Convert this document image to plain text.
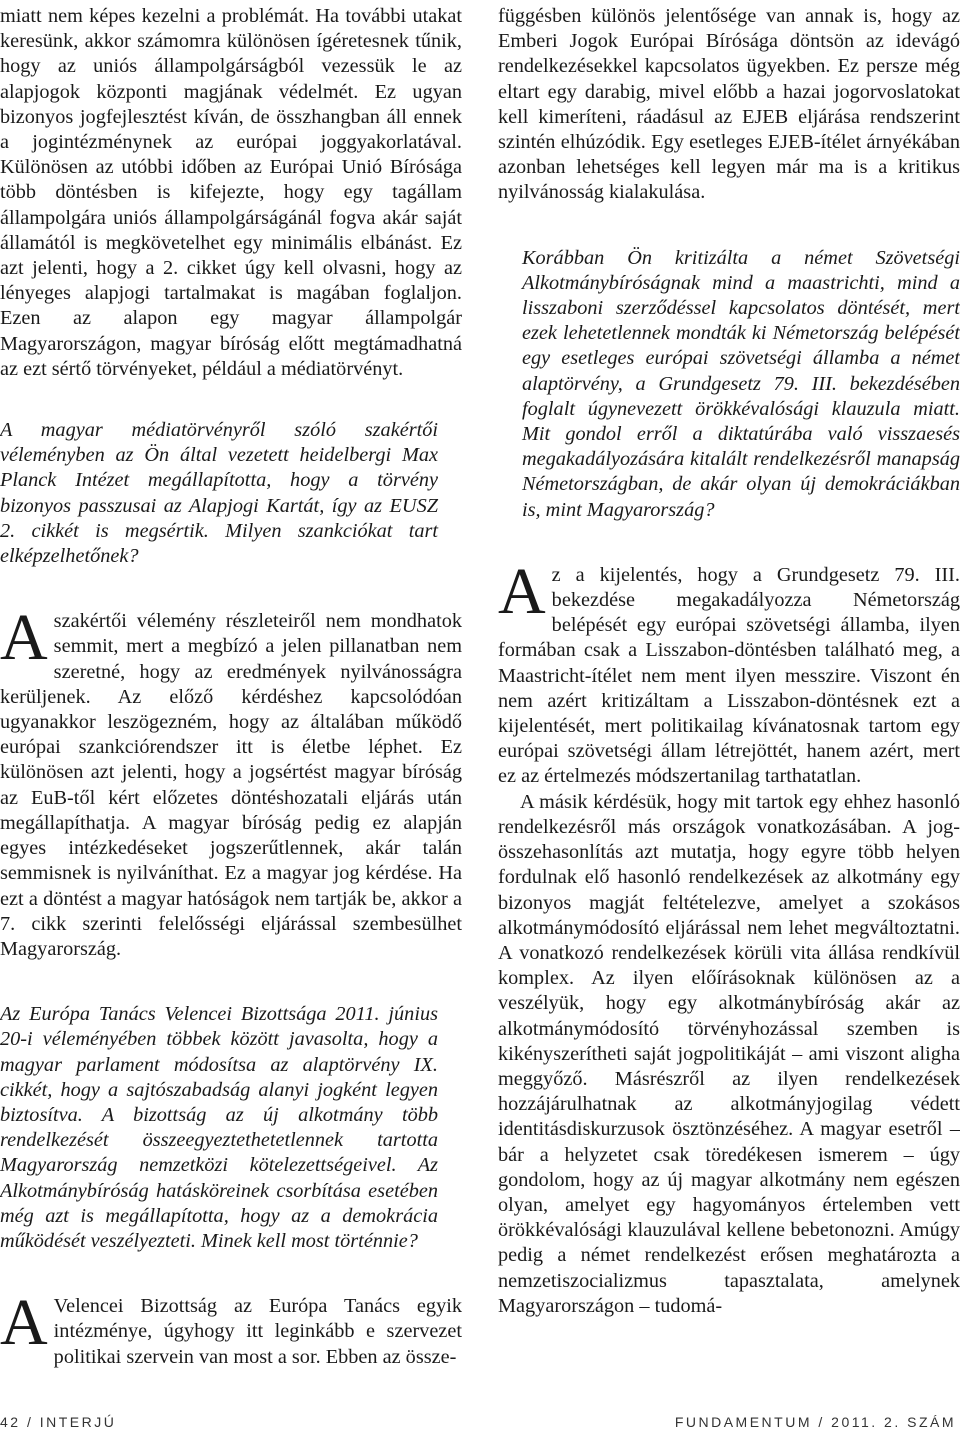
miatt nem képes kezelni a problémát. Ha további utakat keresünk, akkor számomra különösen ígéretesnek tűnik, hogy az uniós állampolgárságból vezessük le az alapjogok központi magjának védelmét. Ez ugyan bizonyos jogfejlesztést kíván, de összhangban áll ennek a jogintézménynek az európai joggyakorlatával. Különösen az utóbbi időben az Európai Unió Bírósága több döntésben is kifejezte, hogy egy tagállam állampolgára uniós állampolgárságánál fogva akár saját államától is megkövetelhet egy minimális elbánást. Ez azt jelenti, hogy a 2. cikket úgy kell olvasni, hogy az lényeges alapjogi tartalmakat is magában foglaljon. Ezen az alapon egy magyar állampolgár Magyarországon, magyar bíróság előtt megtámadhatná az ezt sértő törvényeket, például a médiatörvényt.

A magyar médiatörvényről szóló szakértői véleményben az Ön által vezetett heidelbergi Max Planck Intézet megállapította, hogy a törvény bizonyos passzusai az Alapjogi Kartát, így az EUSZ 2. cikkét is megsértik. Milyen szankciókat tart elképzelhetőnek?

Aszakértői vélemény részleteiről nem mondhatok semmit, mert a megbízó a jelen pillanatban nem szeretné, hogy az eredmények nyilvánosságra kerüljenek. Az előző kérdéshez kapcsolódóan ugyanakkor leszögezném, hogy az általában működő európai szankciórendszer itt is életbe léphet. Ez különösen azt jelenti, hogy a jogsértést magyar bíróság az EuB-től kért előzetes döntéshozatali eljárás után megállapíthatja. A magyar bíróság pedig ez alapján egyes intézkedéseket jogszerűtlennek, akár talán semmisnek is nyilváníthat. Ez a magyar jog kérdése. Ha ezt a döntést a magyar hatóságok nem tartják be, akkor a 7. cikk szerinti felelősségi eljárással szembesülhet Magyarország.

Az Európa Tanács Velencei Bizottsága 2011. június 20-i véleményében többek között javasolta, hogy a magyar parlament módosítsa az alaptörvény IX. cikkét, hogy a sajtószabadság alanyi jogként legyen biztosítva. A bizottság az új alkotmány több rendelkezését összeegyeztethetetlennek tartotta Magyarország nemzetközi kötelezettségeivel. Az Alkotmánybíróság hatásköreinek csorbítása esetében még azt is megállapította, hogy az a demokrácia működését veszélyezteti. Minek kell most történnie?

A Velencei Bizottság az Európa Tanács egyik intézménye, úgyhogy itt leginkább e szervezet politikai szervein van most a sor. Ebben az össze-

függésben különös jelentősége van annak is, hogy az Emberi Jogok Európai Bírósága döntsön az idevágó rendelkezésekkel kapcsolatos ügyekben. Ez persze még eltart egy darabig, mivel előbb a hazai jogorvoslatokat kell kimeríteni, ráadásul az EJEB eljárása rendszerint szintén elhúzódik. Egy esetleges EJEB-ítélet árnyékában azonban lehetséges kell legyen már ma is a kritikus nyilvánosság kialakulása.

Korábban Ön kritizálta a német Szövetségi Alkotmánybíróságnak mind a maastrichti, mind a lisszaboni szerződéssel kapcsolatos döntését, mert ezek lehetetlennek mondták ki Németország belépését egy esetleges európai szövetségi államba a német alaptörvény, a Grundgesetz 79. III. bekezdésében foglalt úgynevezett örökkévalósági klauzula miatt. Mit gondol erről a diktatúrába való visszaesés megakadályozására kitalált rendelkezésről manapság Németországban, de akár olyan új demokráciákban is, mint Magyarország?

Az a kijelentés, hogy a Grundgesetz 79. III. bekezdése megakadályozza Németország belépését egy európai szövetségi államba, ilyen formában csak a Lisszabon-döntésben található meg, a Maastricht-ítélet nem ment ilyen messzire. Viszont én nem azért kritizáltam a Lisszabon-döntésnek ezt a kijelentését, mert politikailag kívánatosnak tartom egy európai szövetségi állam létrejöttét, hanem azért, mert ez az értelmezés módszertanilag tarthatatlan.

A másik kérdésük, hogy mit tartok egy ehhez hasonló rendelkezésről más országok vonatkozásában. A jog-összehasonlítás azt mutatja, hogy egyre több helyen fordulnak elő hasonló rendelkezések az alkotmány egy bizonyos magját feltételezve, amelyet a szokásos alkotmánymódosító eljárással nem lehet megváltoztatni. A vonatkozó rendelkezések körüli vita állása rendkívül komplex. Az ilyen előírásoknak különösen az a veszélyük, hogy egy alkotmánybíróság akár az alkotmánymódosító törvényhozással szemben is kikényszerítheti saját jogpolitikáját – ami viszont aligha meggyőző. Másrészről az ilyen rendelkezések hozzájárulhatnak az alkotmányjogilag védett identitásdiskurzusok ösztönzéséhez. A magyar esetről – bár a helyzetet csak töredékesen ismerem – úgy gondolom, hogy az új magyar alkotmány nem egészen olyan, amelyet egy hagyományos értelemben vett örökkévalósági klauzulával kellene bebetonozni. Amúgy pedig a német rendelkezést erősen meghatározta a nemzetiszocializmus tapasztalata, amelynek Magyarországon – tudomá-

42 / INTERJÚ	FUNDAMENTUM / 2011. 2. SZÁM
